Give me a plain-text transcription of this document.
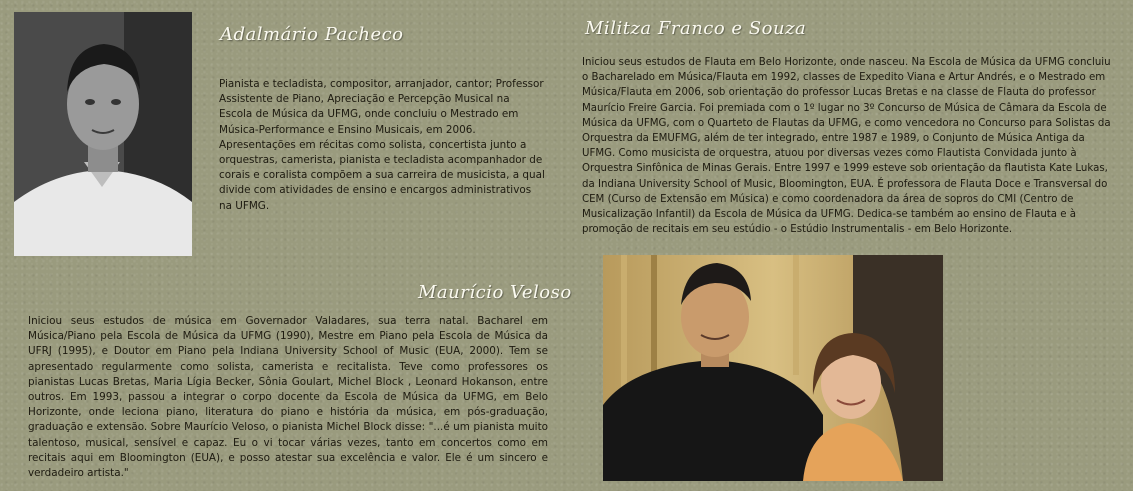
Adalmário Pacheco

Pianista e tecladista, compositor, arranjador, cantor; Professor Assistente de Piano, Apreciação e Percepção Musical na Escola de Música da UFMG, onde concluiu o Mestrado em Música-Performance e Ensino Musicais, em 2006.

Apresentações em récitas como solista, concertista junto a orquestras, camerista, pianista e tecladista acompanhador de corais e coralista compõem a sua carreira de musicista, a qual divide com atividades de ensino e encargos administrativos na UFMG.

Militza Franco e Souza

Iniciou seus estudos de Flauta em Belo Horizonte, onde nasceu. Na Escola de Música da UFMG concluiu o Bacharelado em Música/Flauta em 1992, classes de Expedito Viana e Artur Andrés, e o Mestrado em Música/Flauta em 2006, sob orientação do professor Lucas Bretas e na classe de Flauta do professor Maurício Freire Garcia. Foi premiada com o 1º lugar no 3º Concurso de Música de Câmara da Escola de Música da UFMG, com o Quarteto de Flautas da UFMG, e como vencedora no Concurso para Solistas da Orquestra da EMUFMG, além de ter integrado, entre 1987 e 1989, o Conjunto de Música Antiga da UFMG. Como musicista de orquestra, atuou por diversas vezes como Flautista Convidada junto à Orquestra Sinfônica de Minas Gerais. Entre 1997 e 1999 esteve sob orientação da flautista Kate Lukas, da Indiana University School of Music, Bloomington, EUA. É professora de Flauta Doce e Transversal do CEM (Curso de Extensão em Música) e como coordenadora da área de sopros do CMI (Centro de Musicalização Infantil) da Escola de Música da UFMG. Dedica-se também ao ensino de Flauta e à promoção de recitais em seu estúdio - o Estúdio Instrumentalis - em Belo Horizonte.

Maurício Veloso

Iniciou seus estudos de música em Governador Valadares, sua terra natal. Bacharel em Música/Piano pela Escola de Música da UFMG (1990), Mestre em Piano pela Escola de Música da UFRJ (1995), e Doutor em Piano pela Indiana University School of Music (EUA, 2000). Tem se apresentado regularmente como solista, camerista e recitalista. Teve como professores os pianistas Lucas Bretas, Maria Lígia Becker, Sônia Goulart, Michel Block , Leonard Hokanson, entre outros. Em 1993, passou a integrar o corpo docente da Escola de Música da UFMG, em Belo Horizonte, onde leciona piano, literatura do piano e história da música, em pós-graduação, graduação e extensão. Sobre Maurício Veloso, o pianista Michel Block disse: "...é um pianista muito talentoso, musical, sensível e capaz. Eu o vi tocar várias vezes, tanto em concertos como em recitais aqui em Bloomington (EUA), e posso atestar sua excelência e valor. Ele é um sincero e verdadeiro artista."
